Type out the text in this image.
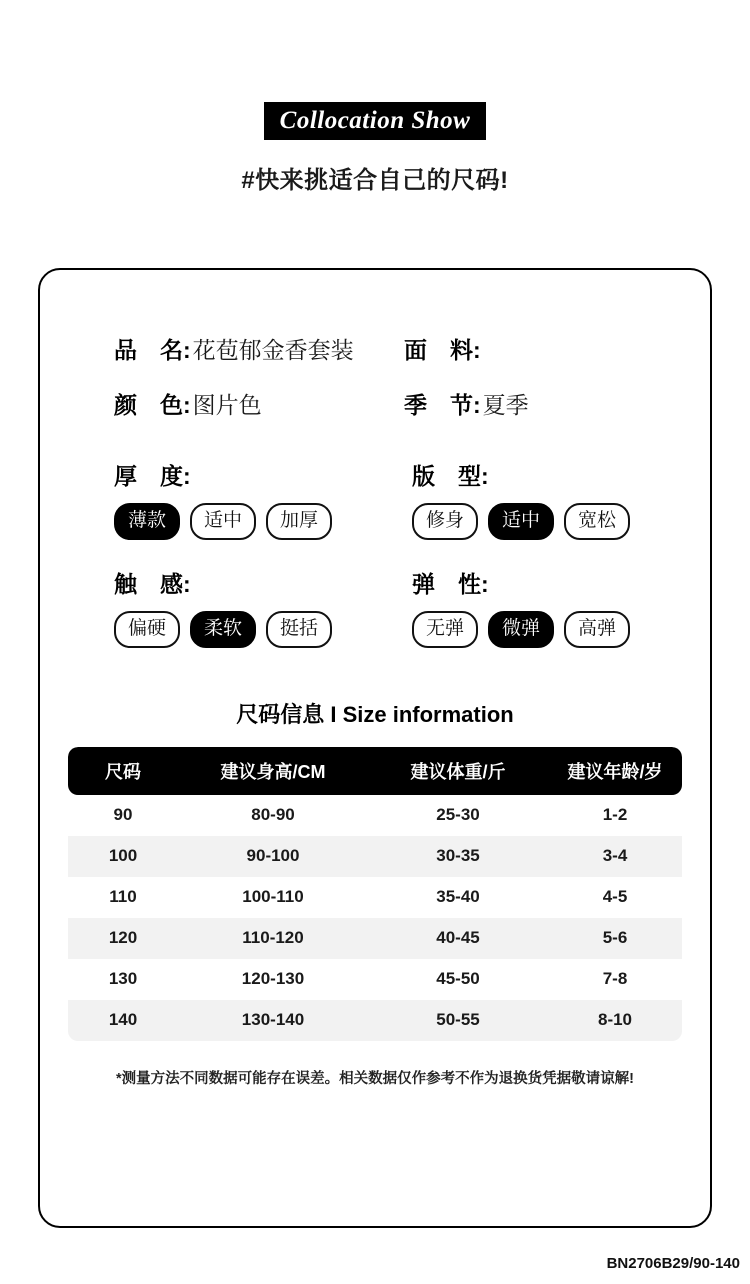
Collocation Show
#快来挑适合自己的尺码!
品　名: 花苞郁金香套装 面　料:
颜　色: 图片色	季　节: 夏季
厚　度:
薄款	适中	加厚
版　型:
修身	适中	宽松
触　感:
偏硬	柔软	挺括
弹　性:
无弹	微弹	高弹
尺码信息 I Size information
尺码	建议身高/CM	建议体重/斤	建议年龄/岁
90	80-90	25-30	1-2
100	90-100	30-35	3-4
110	100-110	35-40	4-5
120	110-120	40-45	5-6
130	120-130	45-50	7-8
140	130-140	50-55	8-10
*测量方法不同数据可能存在误差。相关数据仅作参考不作为退换货凭据敬请谅解!
BN2706B29/90-140
